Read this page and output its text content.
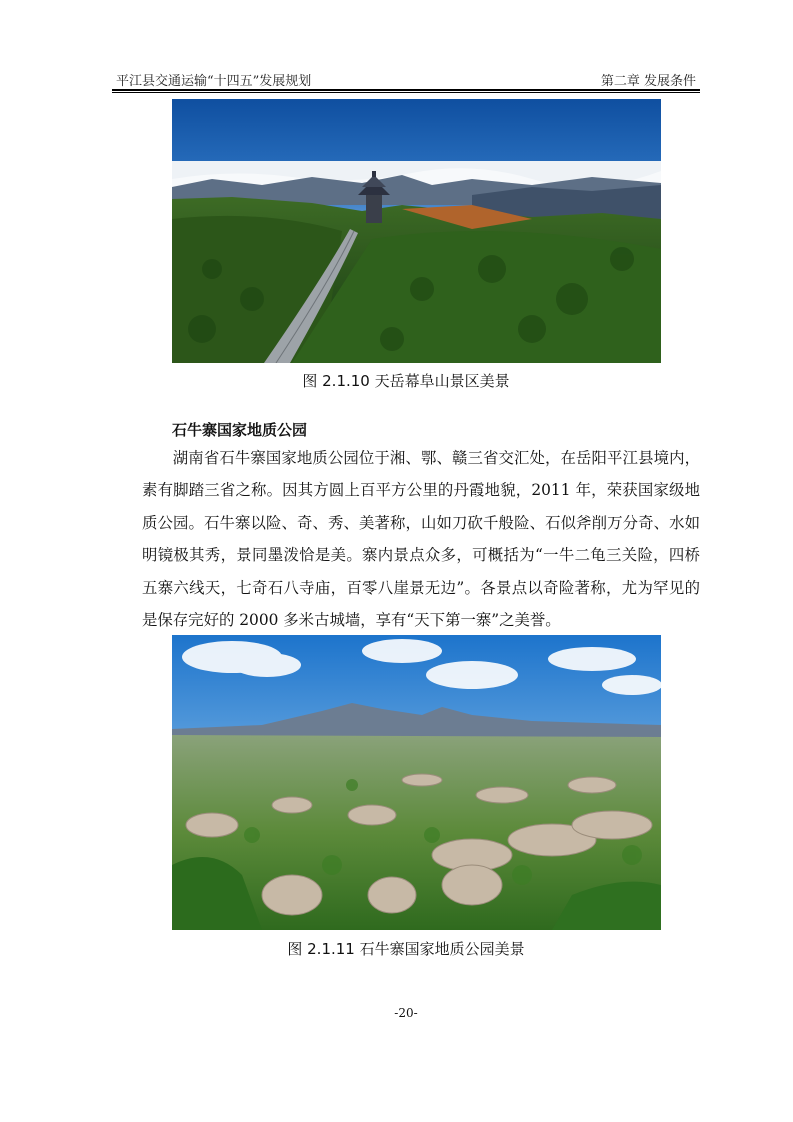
平江县交通运输“十四五”发展规划	第二章 发展条件
图 2.1.10 天岳幕阜山景区美景
石牛寨国家地质公园

湖南省石牛寨国家地质公园位于湘、鄂、赣三省交汇处，在岳阳平江县境内，素有脚踏三省之称。因其方圆上百平方公里的丹霞地貌，2011 年，荣获国家级地质公园。石牛寨以险、奇、秀、美著称，山如刀砍千般险、石似斧削万分奇、水如明镜极其秀，景同墨泼恰是美。寨内景点众多，可概括为“一牛二龟三关险，四桥五寨六线天，七奇石八寺庙，百零八崖景无边”。各景点以奇险著称，尤为罕见的是保存完好的 2000 多米古城墙，享有“天下第一寨”之美誉。

图 2.1.11 石牛寨国家地质公园美景
-20-
